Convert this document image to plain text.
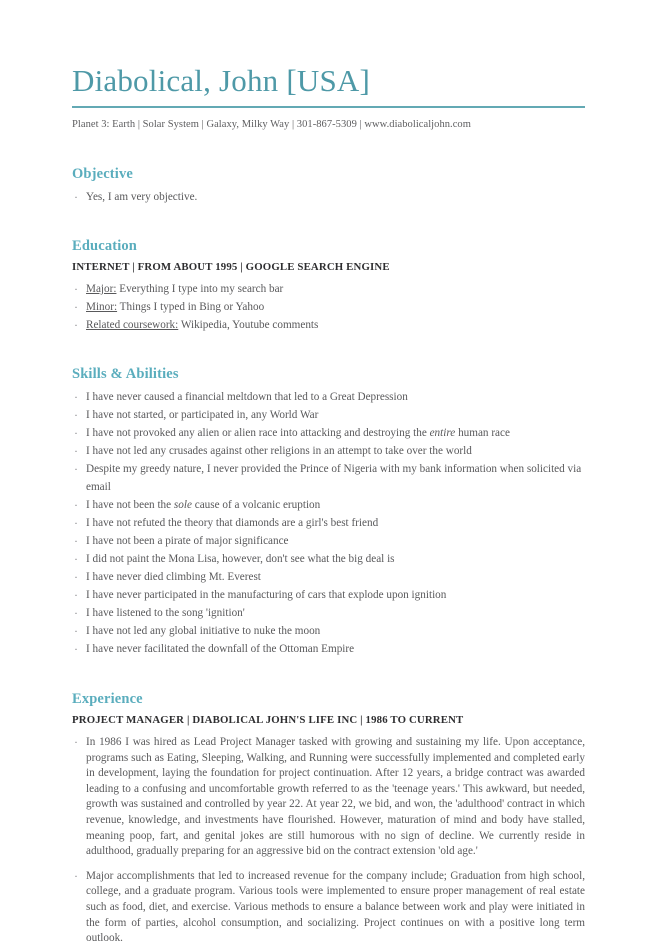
Diabolical, John [USA]
Planet 3: Earth | Solar System | Galaxy, Milky Way | 301-867-5309 | www.diabolicaljohn.com
Objective
· Yes, I am very objective.
Education
INTERNET | FROM ABOUT 1995 | GOOGLE SEARCH ENGINE
· Major: Everything I type into my search bar
· Minor: Things I typed in Bing or Yahoo
· Related coursework: Wikipedia, Youtube comments
Skills & Abilities
· I have never caused a financial meltdown that led to a Great Depression
· I have not started, or participated in, any World War
· I have not provoked any alien or alien race into attacking and destroying the entire human race
· I have not led any crusades against other religions in an attempt to take over the world
· Despite my greedy nature, I never provided the Prince of Nigeria with my bank information when solicited via email
· I have not been the sole cause of a volcanic eruption
· I have not refuted the theory that diamonds are a girl's best friend
· I have not been a pirate of major significance
· I did not paint the Mona Lisa, however, don't see what the big deal is
· I have never died climbing Mt. Everest
· I have never participated in the manufacturing of cars that explode upon ignition
· I have listened to the song 'ignition'
· I have not led any global initiative to nuke the moon
· I have never facilitated the downfall of the Ottoman Empire
Experience
PROJECT MANAGER | DIABOLICAL JOHN'S LIFE INC | 1986 TO CURRENT
· In 1986 I was hired as Lead Project Manager tasked with growing and sustaining my life. Upon acceptance, programs such as Eating, Sleeping, Walking, and Running were successfully implemented and completed early in development, laying the foundation for project continuation. After 12 years, a bridge contract was awarded leading to a confusing and uncomfortable growth referred to as the 'teenage years.' This awkward, but needed, growth was sustained and controlled by year 22. At year 22, we bid, and won, the 'adulthood' contract in which revenue, knowledge, and investments have flourished. However, maturation of mind and body have stalled, meaning poop, fart, and genital jokes are still humorous with no sign of decline. We currently reside in adulthood, gradually preparing for an aggressive bid on the contract extension 'old age.'
· Major accomplishments that led to increased revenue for the company include; Graduation from high school, college, and a graduate program. Various tools were implemented to ensure proper management of real estate such as food, diet, and exercise. Various methods to ensure a balance between work and play were initiated in the form of parties, alcohol consumption, and socializing. Project continues on with a positive long term outlook.
